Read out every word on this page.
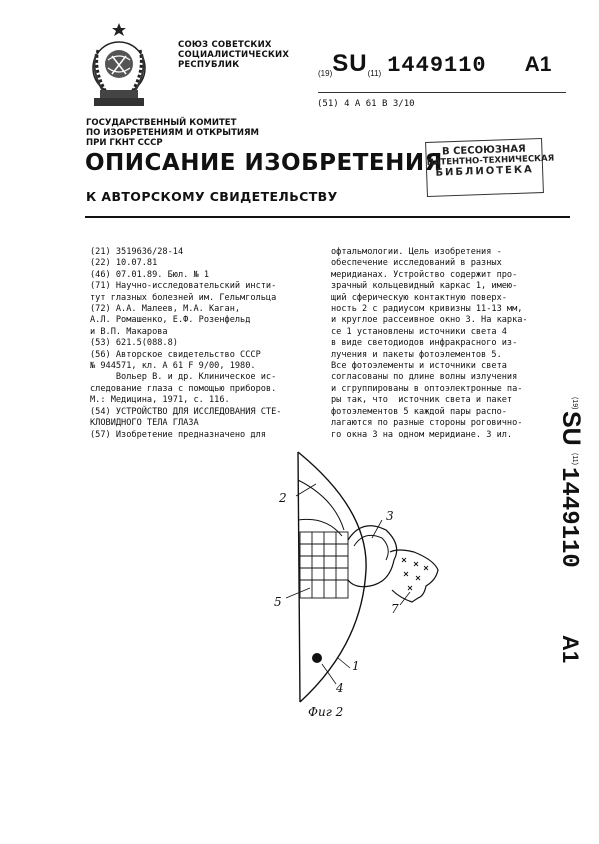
СОЮЗ СОВЕТСКИХ
СОЦИАЛИСТИЧЕСКИХ
РЕСПУБЛИК
(19)SU(11) 1449110 А1
(51) 4 А 61 В 3/10
ГОСУДАРСТВЕННЫЙ КОМИТЕТ
ПО ИЗОБРЕТЕНИЯМ И ОТКРЫТИЯМ
ПРИ ГКНТ СССР
ОПИСАНИЕ ИЗОБРЕТЕНИЯ
К АВТОРСКОМУ СВИДЕТЕЛЬСТВУ
В СЕСОЮЗНАЯ
ПАТЕНТНО-ТЕХНИЧЕСКАЯ
БИБЛИОТЕКА
(21) 3519636/28-14
(22) 10.07.81
(46) 07.01.89. Бюл. № 1
(71) Научно-исследовательский инсти-
тут глазных болезней им. Гельмгольца
(72) А.А. Малеев, М.А. Каган,
А.Л. Ромашенко, Е.Ф. Розенфельд
и В.П. Макарова
(53) 621.5(088.8)
(56) Авторское свидетельство СССР
№ 944571, кл. А 61 F 9/00, 1980.
Вольер В. и др. Клиническое ис-
следование глаза с помощью приборов.
М.: Медицина, 1971, с. 116.
(54) УСТРОЙСТВО ДЛЯ ИССЛЕДОВАНИЯ СТЕ-
КЛОВИДНОГО ТЕЛА ГЛАЗА
(57) Изобретение предназначено для
офтальмологии. Цель изобретения -
обеспечение исследований в разных
меридианах. Устройство содержит про-
зрачный кольцевидный каркас 1, имею-
щий сферическую контактную поверх-
ность 2 с радиусом кривизны 11-13 мм,
и круглое рассеивное окно 3. На карка-
се 1 установлены источники света 4
в виде светодиодов инфракрасного из-
лучения и пакеты фотоэлементов 5.
Все фотоэлементы и источники света
согласованы по длине волны излучения
и сгруппированы в оптоэлектронные па-
ры так, что  источник света и пакет
фотоэлементов 5 каждой пары распо-
лагаются по разные стороны роговично-
го окна 3 на одном меридиане. 3 ил.
(19)
SU
(11)
1449110
А1
2
3
5	7
1
4
Фиг 2
